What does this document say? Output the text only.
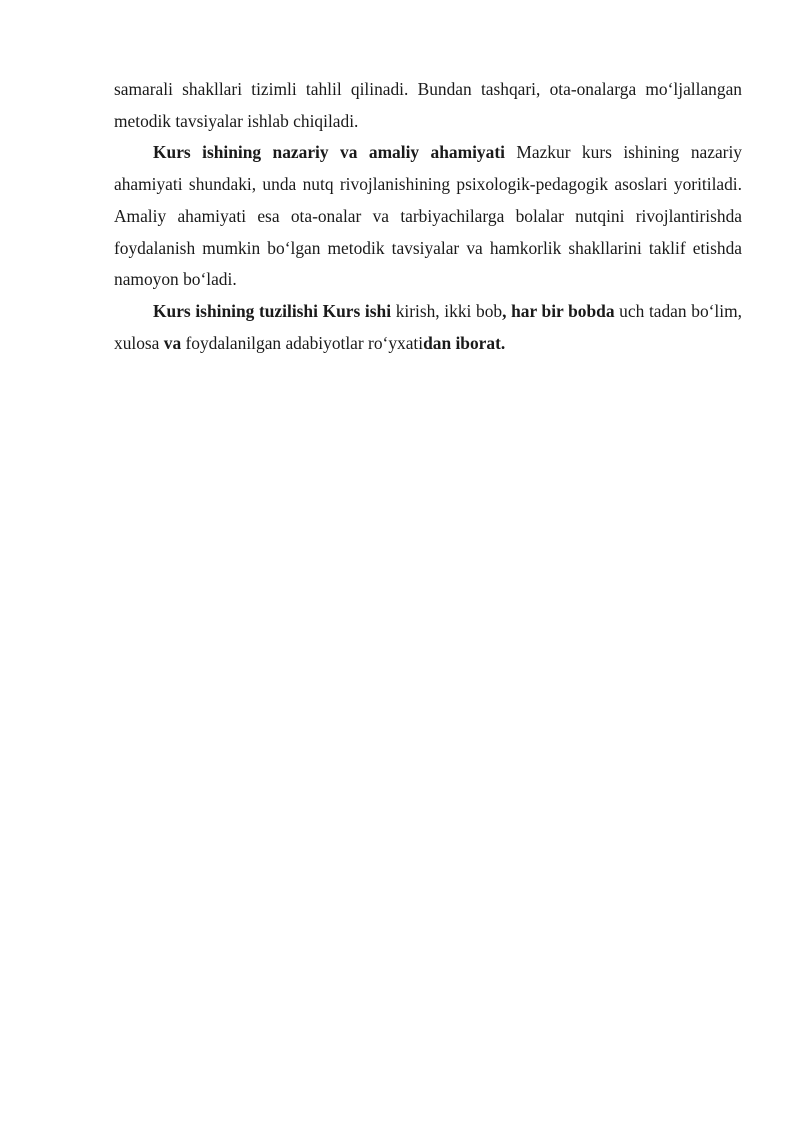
samarali shakllari tizimli tahlil qilinadi. Bundan tashqari, ota-onalarga mo‘ljallangan metodik tavsiyalar ishlab chiqiladi.

Kurs ishining nazariy va amaliy ahamiyati Mazkur kurs ishining nazariy ahamiyati shundaki, unda nutq rivojlanishining psixologik-pedagogik asoslari yoritiladi. Amaliy ahamiyati esa ota-onalar va tarbiyachilarga bolalar nutqini rivojlantirishda foydalanish mumkin bo‘lgan metodik tavsiyalar va hamkorlik shakllarini taklif etishda namoyon bo‘ladi.

Kurs ishining tuzilishi Kurs ishi kirish, ikki bob, har bir bobda uch tadan bo‘lim, xulosa va foydalanilgan adabiyotlar ro‘yxatidan iborat.
